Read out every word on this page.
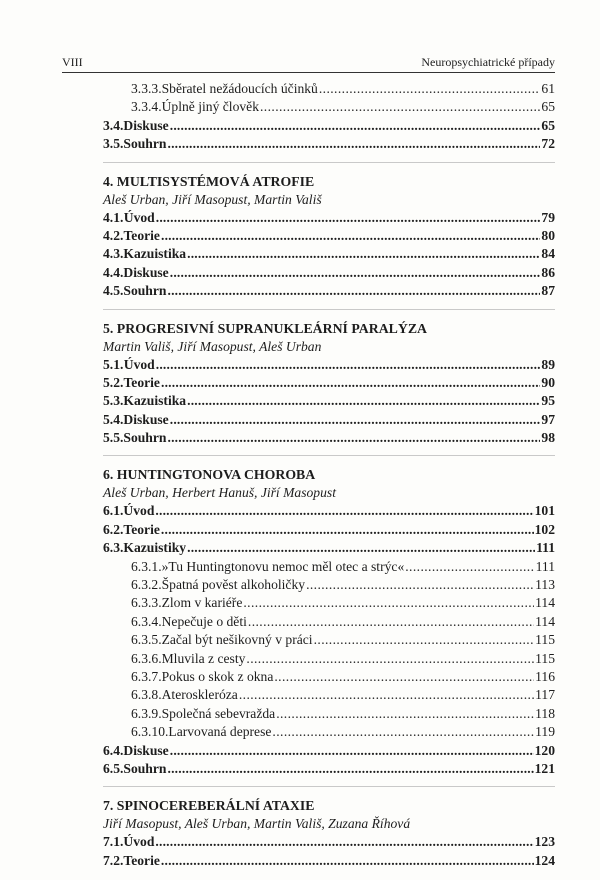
VIII	Neuropsychiatrické případy
3.3.3. Sběratel nežádoucích účinků .....	61
3.3.4. Úplně jiný člověk .....	65
3.4. Diskuse .....	65
3.5. Souhrn .....	72
4. MULTISYSTÉMOVÁ ATROFIE
Aleš Urban, Jiří Masopust, Martin Vališ
4.1. Úvod .....	79
4.2. Teorie .....	80
4.3. Kazuistika .....	84
4.4. Diskuse .....	86
4.5. Souhrn .....	87
5. PROGRESIVNÍ SUPRANUKLEÁRNÍ PARALÝZA
Martin Vališ, Jiří Masopust, Aleš Urban
5.1. Úvod .....	89
5.2. Teorie .....	90
5.3. Kazuistika .....	95
5.4. Diskuse .....	97
5.5. Souhrn .....	98
6. HUNTINGTONOVA CHOROBA
Aleš Urban, Herbert Hanuš, Jiří Masopust
6.1. Úvod .....	101
6.2. Teorie .....	102
6.3. Kazuistiky .....	111
6.3.1. »Tu Huntingtonovu nemoc měl otec a strýc« .....	111
6.3.2. Špatná pověst alkoholičky .....	113
6.3.3. Zlom v kariéře .....	114
6.3.4. Nepečuje o děti .....	114
6.3.5. Začal být nešikovný v práci .....	115
6.3.6. Mluvila z cesty .....	115
6.3.7. Pokus o skok z okna .....	116
6.3.8. Ateroskleróza .....	117
6.3.9. Společná sebevražda .....	118
6.3.10. Larvovaná deprese .....	119
6.4. Diskuse .....	120
6.5. Souhrn .....	121
7. SPINOCEREBERÁLNÍ ATAXIE
Jiří Masopust, Aleš Urban, Martin Vališ, Zuzana Říhová
7.1. Úvod .....	123
7.2. Teorie .....	124
